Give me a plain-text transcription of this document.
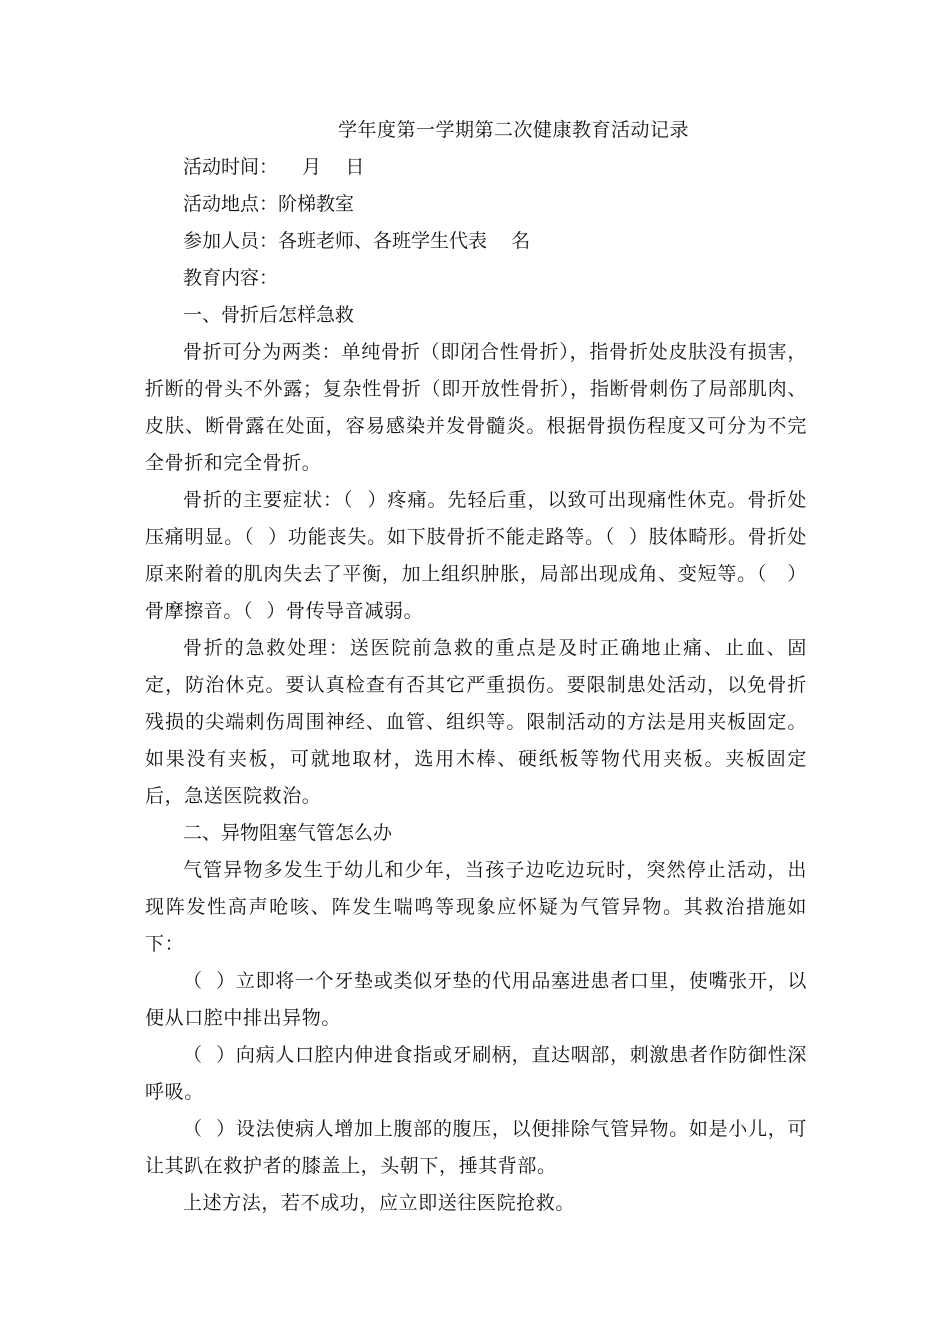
学年度第一学期第二次健康教育活动记录

活动时间：    月    日

活动地点：阶梯教室

参加人员：各班老师、各班学生代表    名

教育内容：

一、骨折后怎样急救

骨折可分为两类：单纯骨折（即闭合性骨折），指骨折处皮肤没有损害，折断的骨头不外露；复杂性骨折（即开放性骨折），指断骨刺伤了局部肌肉、皮肤、断骨露在处面，容易感染并发骨髓炎。根据骨损伤程度又可分为不完全骨折和完全骨折。

骨折的主要症状：（  ）疼痛。先轻后重，以致可出现痛性休克。骨折处压痛明显。（  ）功能丧失。如下肢骨折不能走路等。（  ）肢体畸形。骨折处原来附着的肌肉失去了平衡，加上组织肿胀，局部出现成角、变短等。（   ）骨摩擦音。（  ）骨传导音减弱。

骨折的急救处理：送医院前急救的重点是及时正确地止痛、止血、固定，防治休克。要认真检查有否其它严重损伤。要限制患处活动，以免骨折残损的尖端刺伤周围神经、血管、组织等。限制活动的方法是用夹板固定。如果没有夹板，可就地取材，选用木棒、硬纸板等物代用夹板。夹板固定后，急送医院救治。

二、异物阻塞气管怎么办

气管异物多发生于幼儿和少年，当孩子边吃边玩时，突然停止活动，出现阵发性高声呛咳、阵发生喘鸣等现象应怀疑为气管异物。其救治措施如下：

（  ）立即将一个牙垫或类似牙垫的代用品塞进患者口里，使嘴张开，以便从口腔中排出异物。

（  ）向病人口腔内伸进食指或牙刷柄，直达咽部，刺激患者作防御性深呼吸。

（  ）设法使病人增加上腹部的腹压，以便排除气管异物。如是小儿，可让其趴在救护者的膝盖上，头朝下，捶其背部。

上述方法，若不成功，应立即送往医院抢救。
